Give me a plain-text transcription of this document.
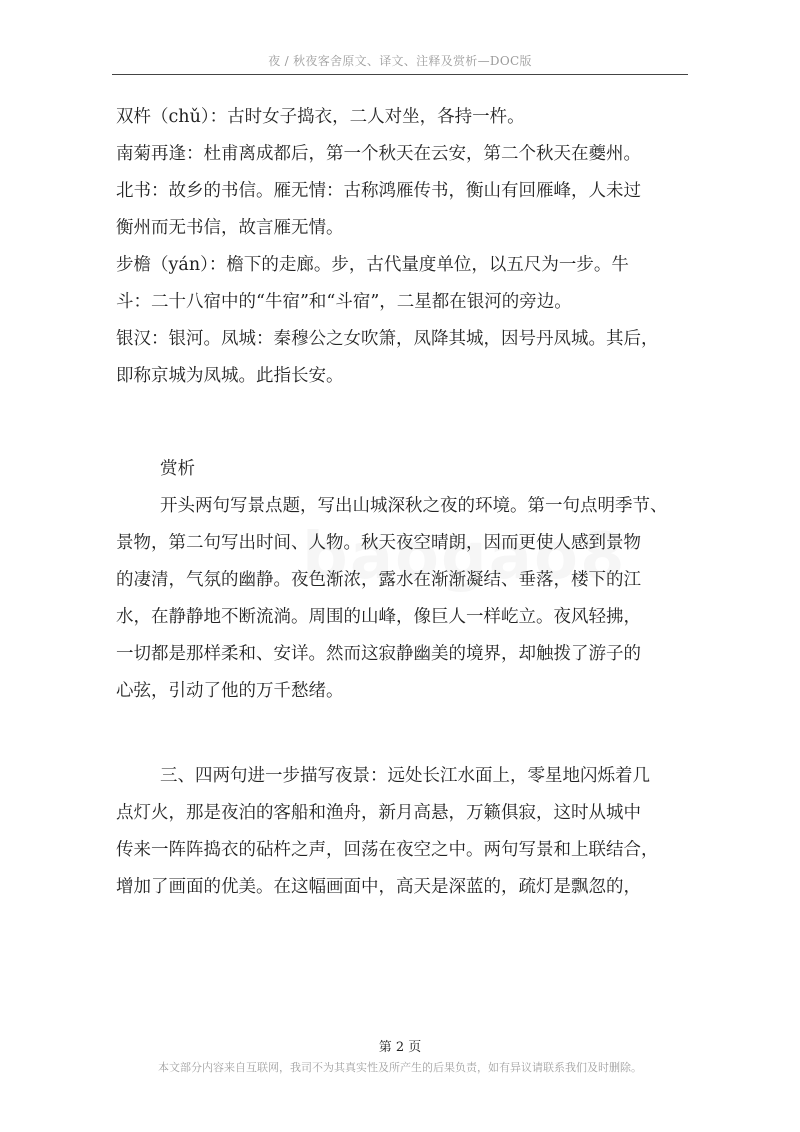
夜 / 秋夜客舍原文、译文、注释及赏析—DOC版
双杵（chǔ）：古时女子捣衣，二人对坐，各持一杵。
南菊再逢：杜甫离成都后，第一个秋天在云安，第二个秋天在夔州。
北书：故乡的书信。雁无情：古称鸿雁传书，衡山有回雁峰，人未过
衡州而无书信，故言雁无情。
步檐（yán）：檐下的走廊。步，古代量度单位，以五尺为一步。牛
斗：二十八宿中的“牛宿”和“斗宿”，二星都在银河的旁边。
银汉：银河。凤城：秦穆公之女吹箫，凤降其城，因号丹凤城。其后，
即称京城为凤城。此指长安。
赏析
开头两句写景点题，写出山城深秋之夜的环境。第一句点明季节、
景物，第二句写出时间、人物。秋天夜空晴朗，因而更使人感到景物
的凄清，气氛的幽静。夜色渐浓，露水在渐渐凝结、垂落，楼下的江
水，在静静地不断流淌。周围的山峰，像巨人一样屹立。夜风轻拂，
一切都是那样柔和、安详。然而这寂静幽美的境界，却触拨了游子的
心弦，引动了他的万千愁绪。
三、四两句进一步描写夜景：远处长江水面上，零星地闪烁着几
点灯火，那是夜泊的客船和渔舟，新月高悬，万籁俱寂，这时从城中
传来一阵阵捣衣的砧杵之声，回荡在夜空之中。两句写景和上联结合，
增加了画面的优美。在这幅画面中，高天是深蓝的，疏灯是飘忽的，
第 2 页
本文部分内容来自互联网，我司不为其真实性及所产生的后果负责，如有异议请联系我们及时删除。
